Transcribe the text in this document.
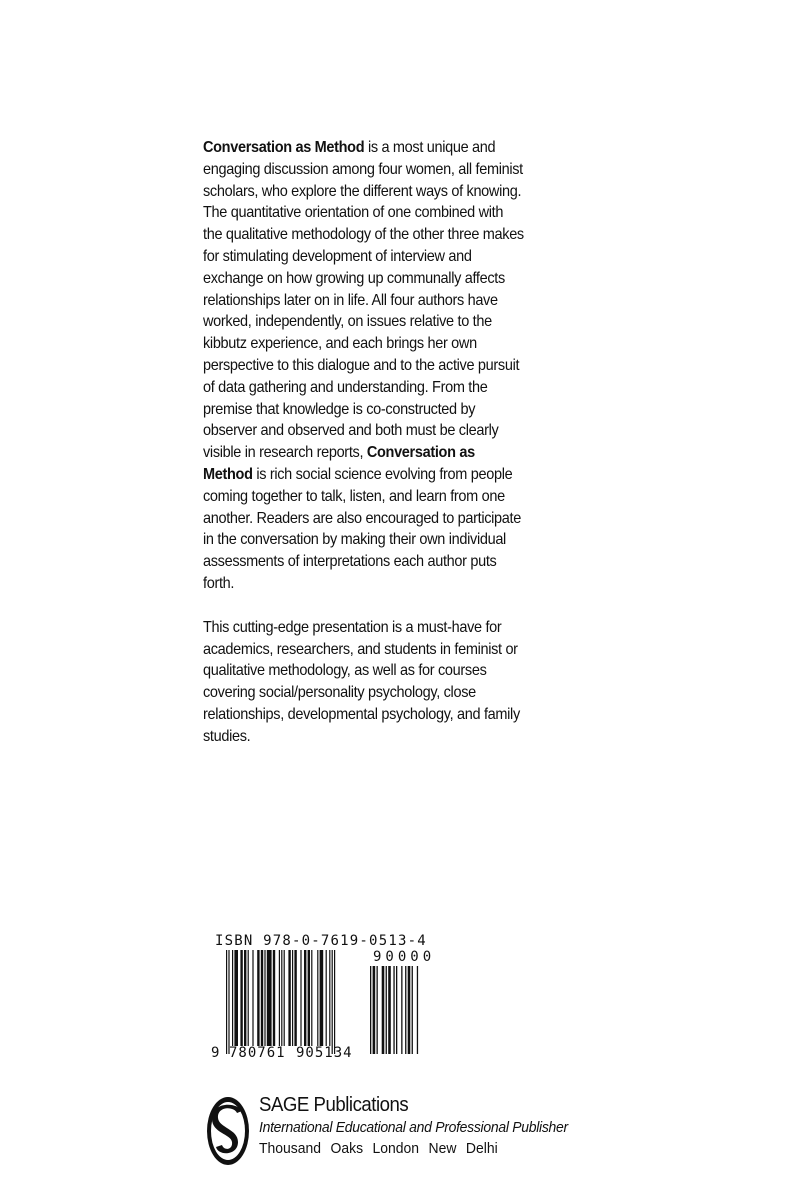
Conversation as Method is a most unique and engaging discussion among four women, all feminist scholars, who explore the different ways of knowing. The quantitative orientation of one combined with the qualitative methodology of the other three makes for stimulating development of interview and exchange on how growing up communally affects relationships later on in life. All four authors have worked, independently, on issues relative to the kibbutz experience, and each brings her own perspective to this dialogue and to the active pursuit of data gathering and understanding. From the premise that knowledge is co-constructed by observer and observed and both must be clearly visible in research reports, Conversation as Method is rich social science evolving from people coming together to talk, listen, and learn from one another. Readers are also encouraged to participate in the conversation by making their own individual assessments of interpretations each author puts forth.

This cutting-edge presentation is a must-have for academics, researchers, and students in feminist or qualitative methodology, as well as for courses covering social/personality psychology, close relationships, developmental psychology, and family studies.

ISBN 978-0-7619-0513-4
90000
9 780761 905134
SAGE Publications
International Educational and Professional Publisher
Thousand Oaks London New Delhi
